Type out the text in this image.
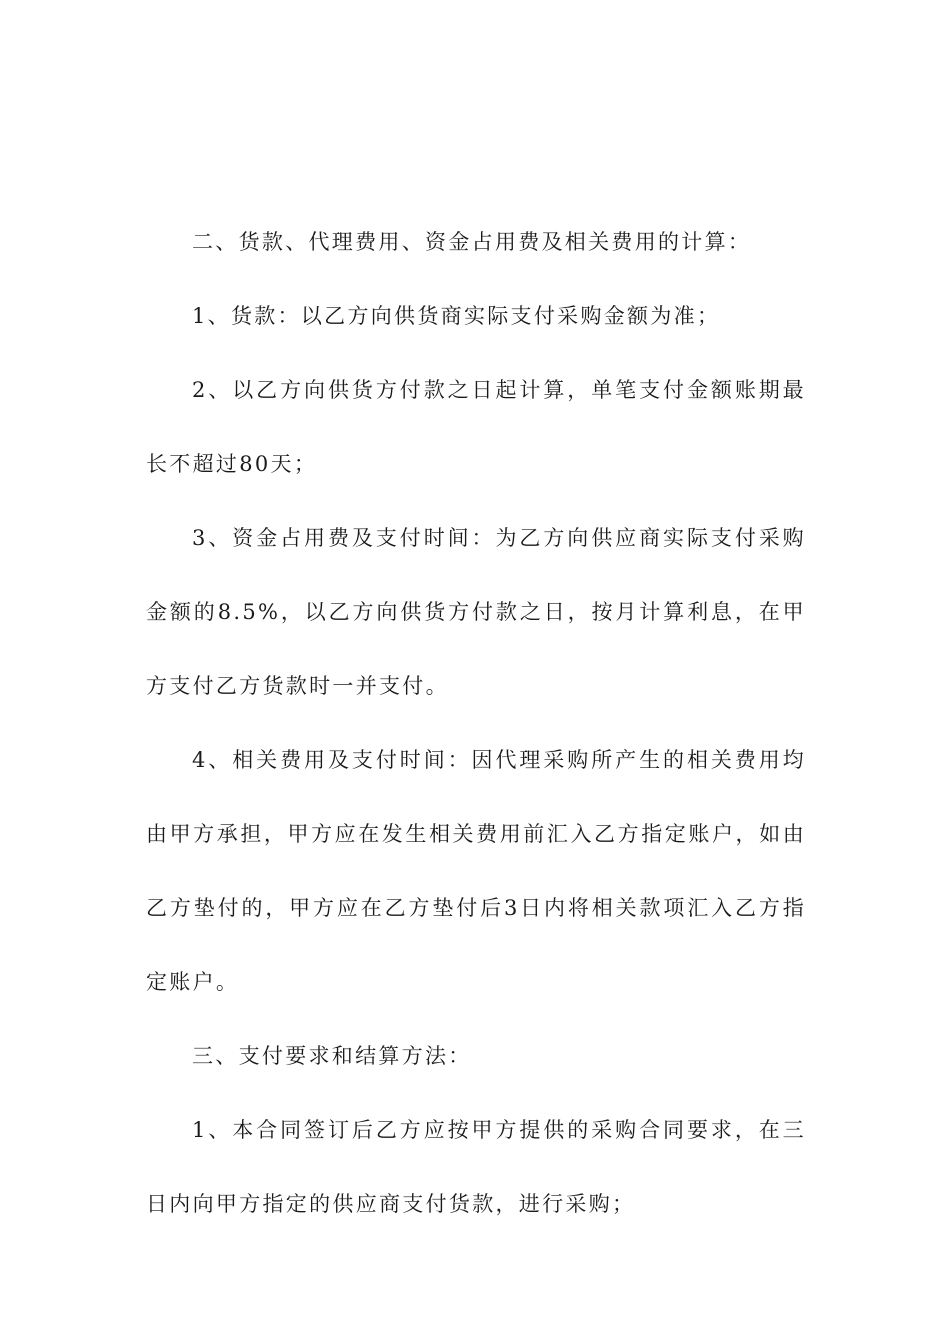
二、货款、代理费用、资金占用费及相关费用的计算：

1、货款：以乙方向供货商实际支付采购金额为准；

2、以乙方向供货方付款之日起计算，单笔支付金额账期最长不超过80天；

3、资金占用费及支付时间：为乙方向供应商实际支付采购金额的8.5%，以乙方向供货方付款之日，按月计算利息，在甲方支付乙方货款时一并支付。

4、相关费用及支付时间：因代理采购所产生的相关费用均由甲方承担，甲方应在发生相关费用前汇入乙方指定账户，如由乙方垫付的，甲方应在乙方垫付后3日内将相关款项汇入乙方指定账户。

三、支付要求和结算方法：

1、本合同签订后乙方应按甲方提供的采购合同要求，在三日内向甲方指定的供应商支付货款，进行采购；
